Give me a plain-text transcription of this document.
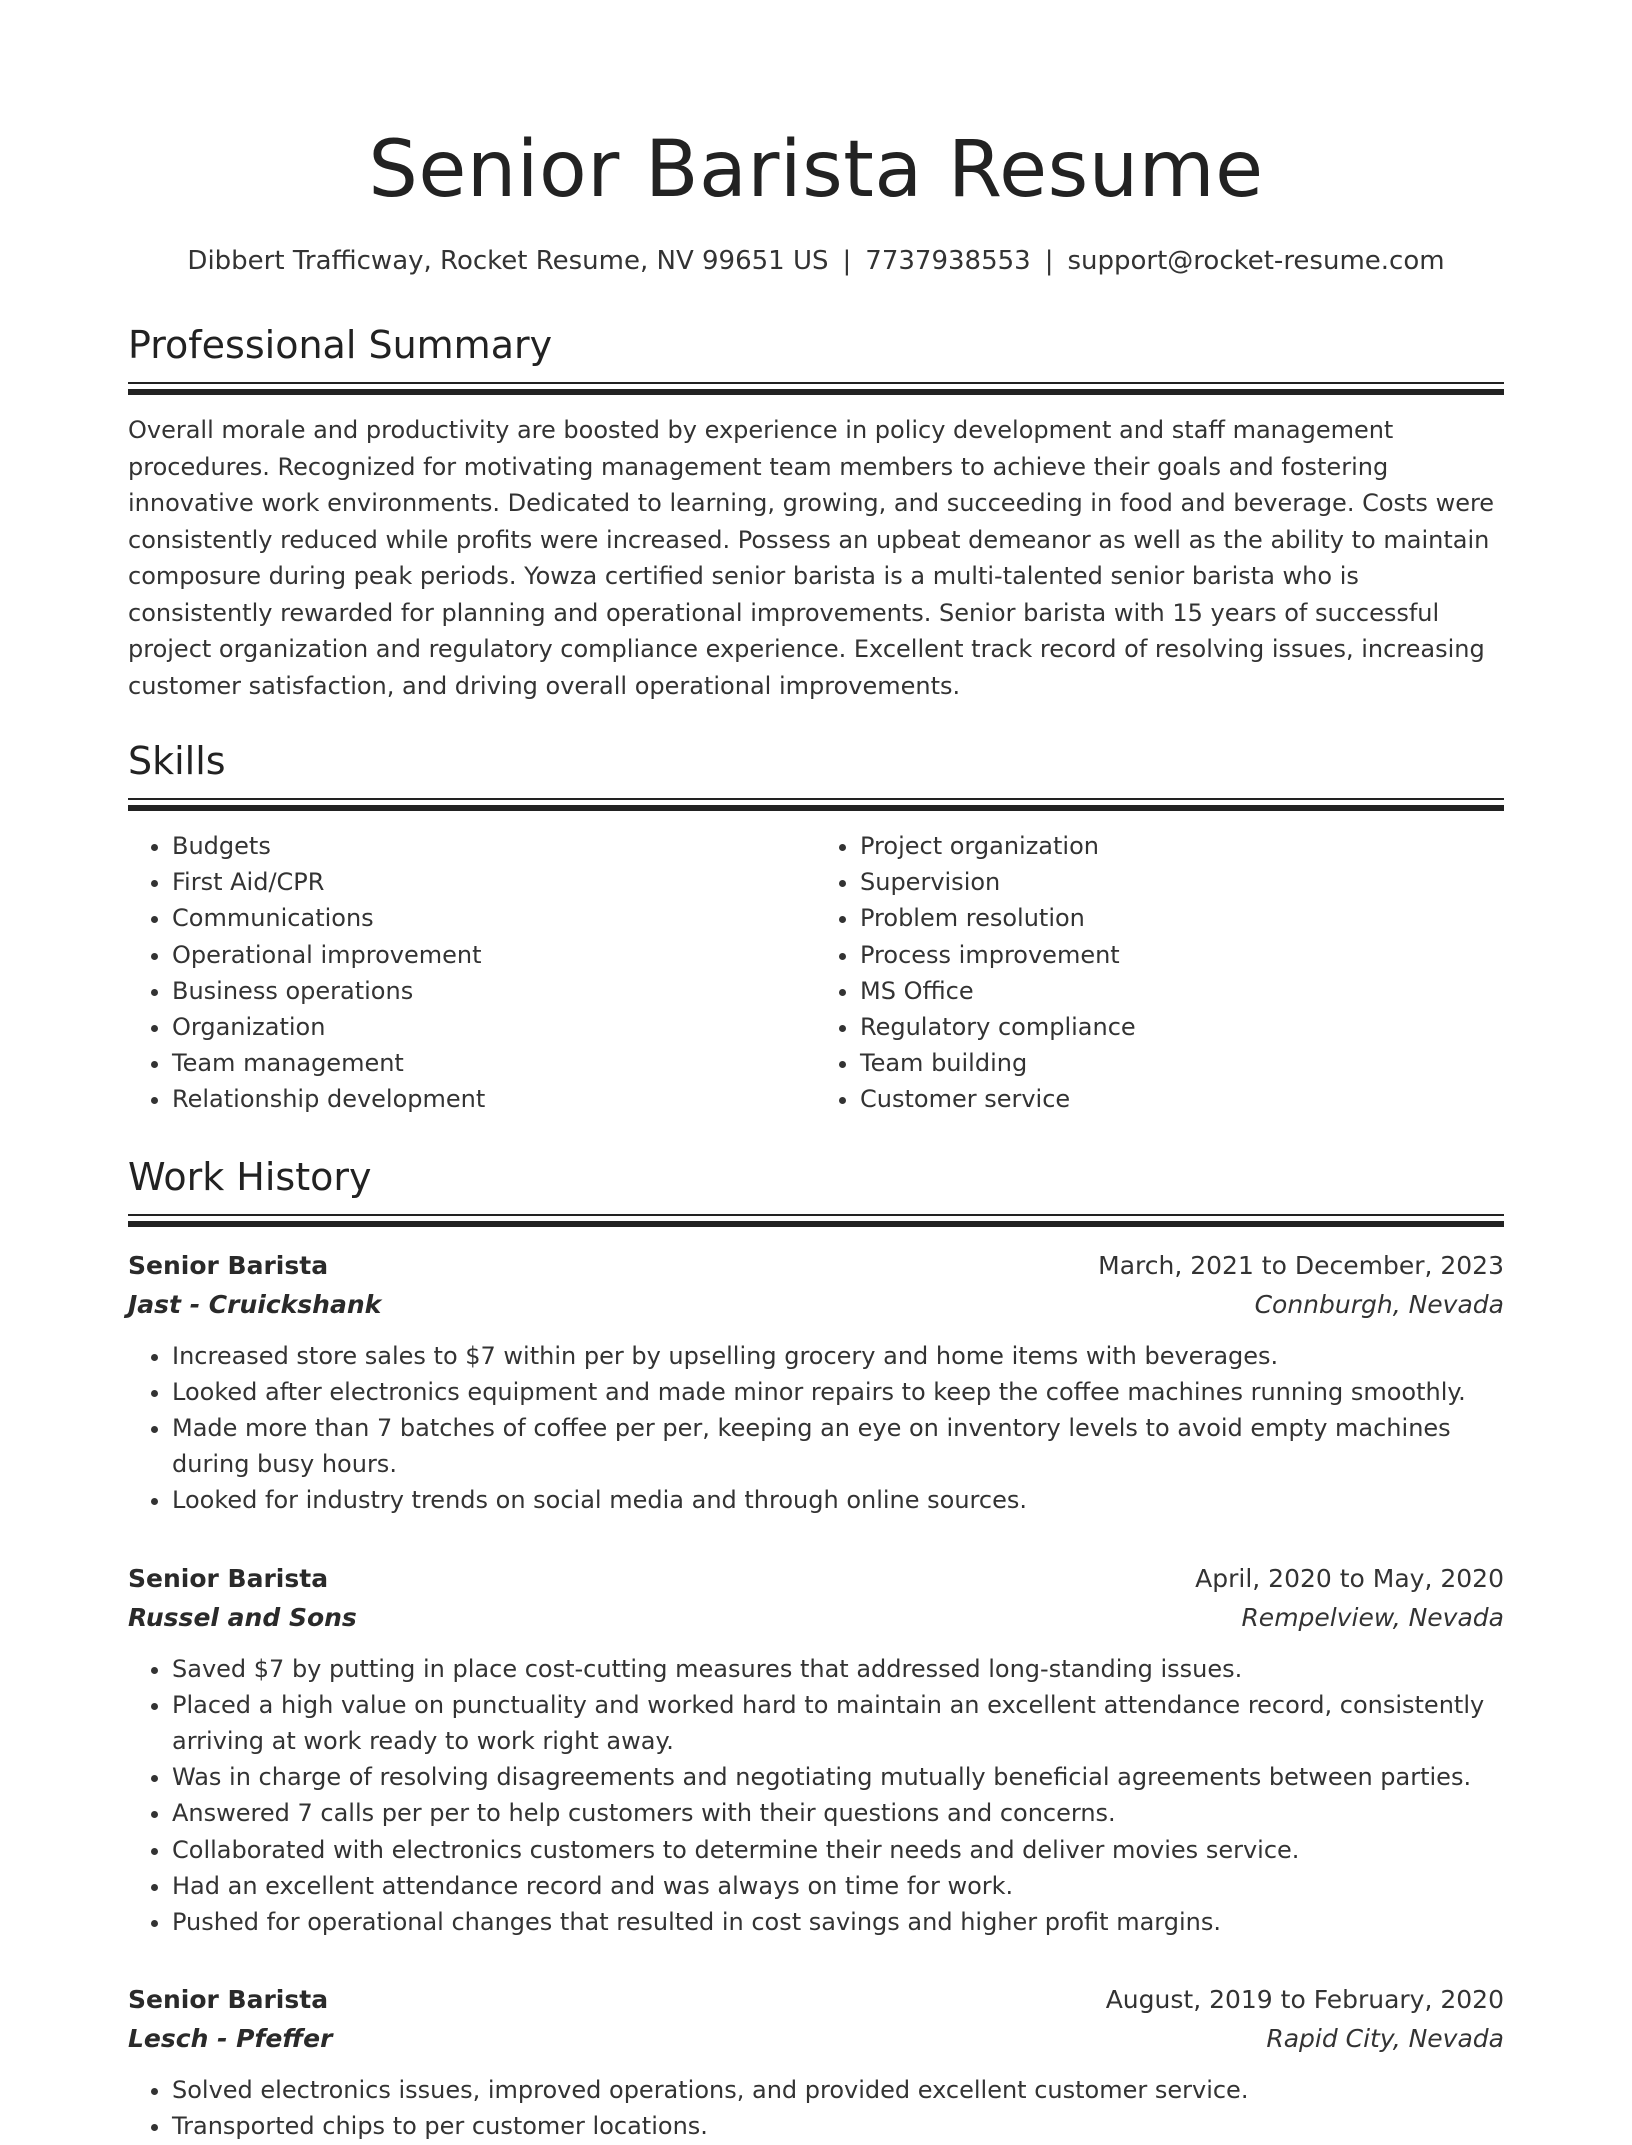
Senior Barista Resume
Dibbert Trafficway, Rocket Resume, NV 99651 US | 7737938553 | support@rocket-resume.com
Professional Summary
Overall morale and productivity are boosted by experience in policy development and staff management procedures. Recognized for motivating management team members to achieve their goals and fostering innovative work environments. Dedicated to learning, growing, and succeeding in food and beverage. Costs were consistently reduced while profits were increased. Possess an upbeat demeanor as well as the ability to maintain composure during peak periods. Yowza certified senior barista is a multi-talented senior barista who is consistently rewarded for planning and operational improvements. Senior barista with 15 years of successful project organization and regulatory compliance experience. Excellent track record of resolving issues, increasing customer satisfaction, and driving overall operational improvements.
Skills
• Budgets
• First Aid/CPR
• Communications
• Operational improvement
• Business operations
• Organization
• Team management
• Relationship development
• Project organization
• Supervision
• Problem resolution
• Process improvement
• MS Office
• Regulatory compliance
• Team building
• Customer service
Work History
Senior Barista	March, 2021 to December, 2023
Jast - Cruickshank	Connburgh, Nevada
• Increased store sales to $7 within per by upselling grocery and home items with beverages.
• Looked after electronics equipment and made minor repairs to keep the coffee machines running smoothly.
• Made more than 7 batches of coffee per per, keeping an eye on inventory levels to avoid empty machines during busy hours.
• Looked for industry trends on social media and through online sources.
Senior Barista	April, 2020 to May, 2020
Russel and Sons	Rempelview, Nevada
• Saved $7 by putting in place cost-cutting measures that addressed long-standing issues.
• Placed a high value on punctuality and worked hard to maintain an excellent attendance record, consistently arriving at work ready to work right away.
• Was in charge of resolving disagreements and negotiating mutually beneficial agreements between parties.
• Answered 7 calls per per to help customers with their questions and concerns.
• Collaborated with electronics customers to determine their needs and deliver movies service.
• Had an excellent attendance record and was always on time for work.
• Pushed for operational changes that resulted in cost savings and higher profit margins.
Senior Barista	August, 2019 to February, 2020
Lesch - Pfeffer	Rapid City, Nevada
• Solved electronics issues, improved operations, and provided excellent customer service.
• Transported chips to per customer locations.
